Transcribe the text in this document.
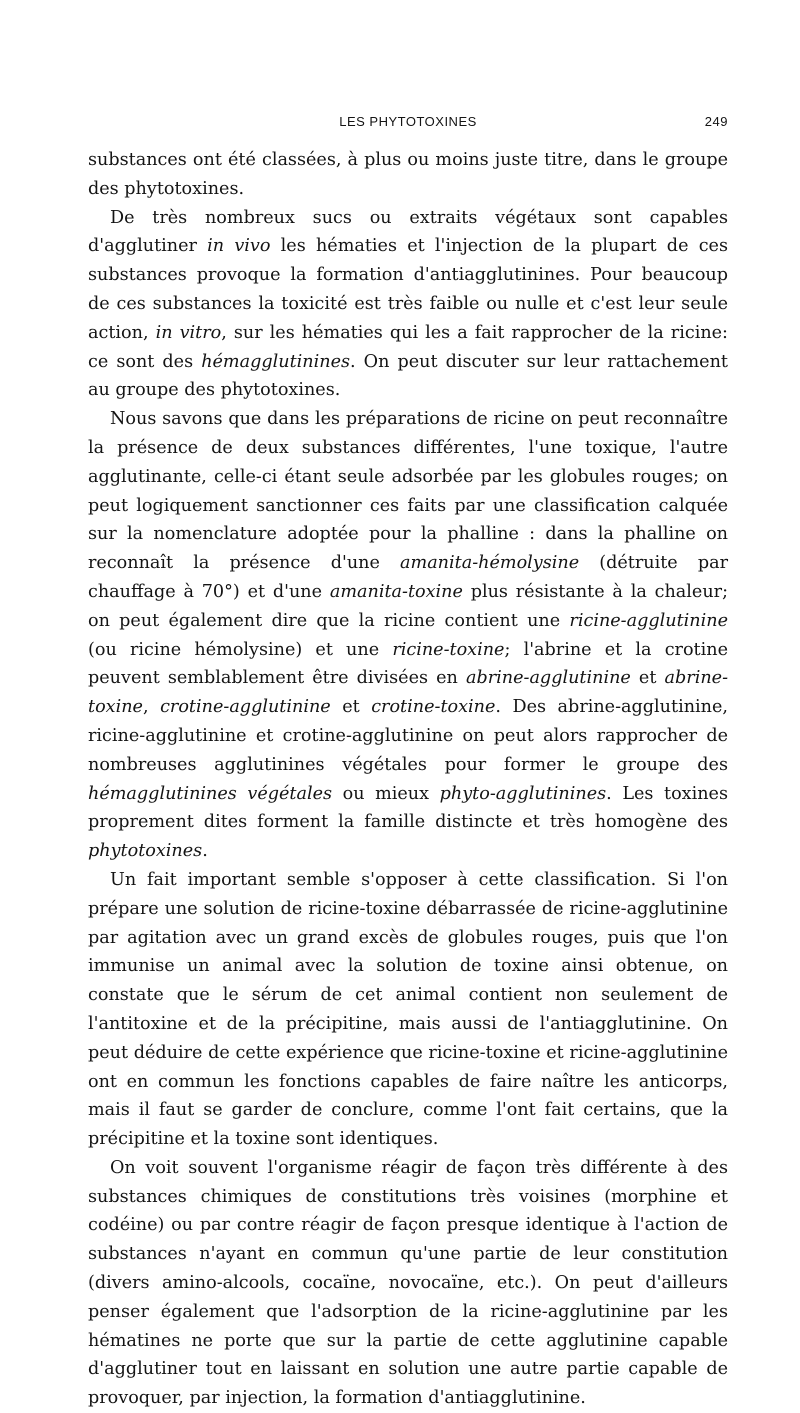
LES PHYTOTOXINES	249

substances ont été classées, à plus ou moins juste titre, dans le groupe des phytotoxines.

De très nombreux sucs ou extraits végétaux sont capables d'agglutiner in vivo les hématies et l'injection de la plupart de ces substances provoque la formation d'antiagglutinines. Pour beaucoup de ces substances la toxicité est très faible ou nulle et c'est leur seule action, in vitro, sur les hématies qui les a fait rapprocher de la ricine: ce sont des hémagglutinines. On peut discuter sur leur rattachement au groupe des phytotoxines.

Nous savons que dans les préparations de ricine on peut reconnaître la présence de deux substances différentes, l'une toxique, l'autre agglutinante, celle-ci étant seule adsorbée par les globules rouges; on peut logiquement sanctionner ces faits par une classification calquée sur la nomenclature adoptée pour la phalline : dans la phalline on reconnaît la présence d'une amanita-hémolysine (détruite par chauffage à 70°) et d'une amanita-toxine plus résistante à la chaleur; on peut également dire que la ricine contient une ricine-agglutinine (ou ricine hémolysine) et une ricine-toxine; l'abrine et la crotine peuvent semblablement être divisées en abrine-agglutinine et abrine-toxine, crotine-agglutinine et crotine-toxine. Des abrine-agglutinine, ricine-agglutinine et crotine-agglutinine on peut alors rapprocher de nombreuses agglutinines végétales pour former le groupe des hémagglutinines végétales ou mieux phyto-agglutinines. Les toxines proprement dites forment la famille distincte et très homogène des phytotoxines.

Un fait important semble s'opposer à cette classification. Si l'on prépare une solution de ricine-toxine débarrassée de ricine-agglutinine par agitation avec un grand excès de globules rouges, puis que l'on immunise un animal avec la solution de toxine ainsi obtenue, on constate que le sérum de cet animal contient non seulement de l'antitoxine et de la précipitine, mais aussi de l'antiagglutinine. On peut déduire de cette expérience que ricine-toxine et ricine-agglutinine ont en commun les fonctions capables de faire naître les anticorps, mais il faut se garder de conclure, comme l'ont fait certains, que la précipitine et la toxine sont identiques.

On voit souvent l'organisme réagir de façon très différente à des substances chimiques de constitutions très voisines (morphine et codéine) ou par contre réagir de façon presque identique à l'action de substances n'ayant en commun qu'une partie de leur constitution (divers amino-alcools, cocaïne, novocaïne, etc.). On peut d'ailleurs penser également que l'adsorption de la ricine-agglutinine par les hématines ne porte que sur la partie de cette agglutinine capable d'agglutiner tout en laissant en solution une autre partie capable de provoquer, par injection, la formation d'antiagglutinine.
